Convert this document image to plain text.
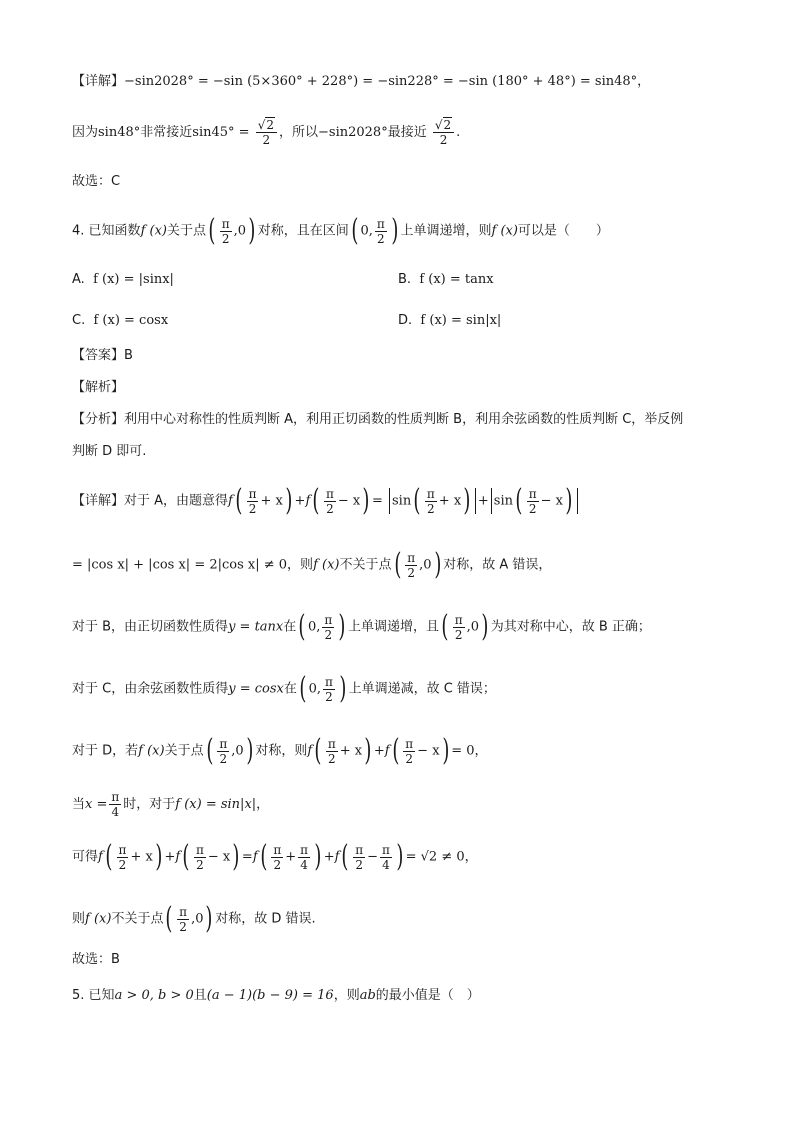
【详解】−sin2028° = −sin (5×360° + 228°) = −sin228° = −sin (180° + 48°) = sin48°，
因为sin48°非常接近$\sin 45^\circ = \frac{√2}{2}$ ，所以−sin2028°最接近 $\frac{√2}{2}$ .
故选：C
4. 已知函数f (x)关于点( $\frac{\pi}{2} ,0$) 对称，且在区间( 0, $\frac{\pi}{2}$ ) 上单调递增，则f (x)可以是（　　）
A. f (x) = |sinx|	B. f (x) = tanx
C. f (x) = cosx	D. f (x) = sin|x|
【答案】B
【解析】
【分析】利用中心对称性的性质判断 A，利用正切函数的性质判断 B，利用余弦函数的性质判断 C，举反例
判断 D 即可.
【详解】对于 A，由题意得$f( \frac{\pi}{2} + x) +f( \frac{\pi}{2} - x) = \sin( \frac{\pi}{2} + x) + \sin( \frac{\pi}{2} - x)$
= |cos x| + |cos x| = 2|cos x| ≠ 0，则f (x)不关于点( $\frac{\pi}{2} ,0$) 对称，故 A 错误，
对于 B，由正切函数性质得y = tanx在( 0, $\frac{\pi}{2}$ ) 上单调递增，且( $\frac{\pi}{2} ,0$) 为其对称中心，故 B 正确；
对于 C，由余弦函数性质得y = cosx在( 0, $\frac{\pi}{2}$ ) 上单调递减，故 C 错误；
对于 D，若f (x)关于点( $\frac{\pi}{2} ,0$) 对称，则$f( \frac{\pi}{2} + x) +f( \frac{\pi}{2} - x) = 0$，
当$x = \frac{\pi}{4}$ 时，对于f (x) = sin|x|，
可得$f( \frac{\pi}{2} + x) +f( \frac{\pi}{2} - x) =f( \frac{\pi}{2} + \frac{\pi}{4}$ ) $+f( \frac{\pi}{2} - \frac{\pi}{4}$ ) = √2 ≠ 0，
则f (x)不关于点( $\frac{\pi}{2} ,0$) 对称，故 D 错误.
故选：B
5. 已知a > 0, b > 0且(a − 1)(b − 9) = 16，则ab的最小值是（　）
